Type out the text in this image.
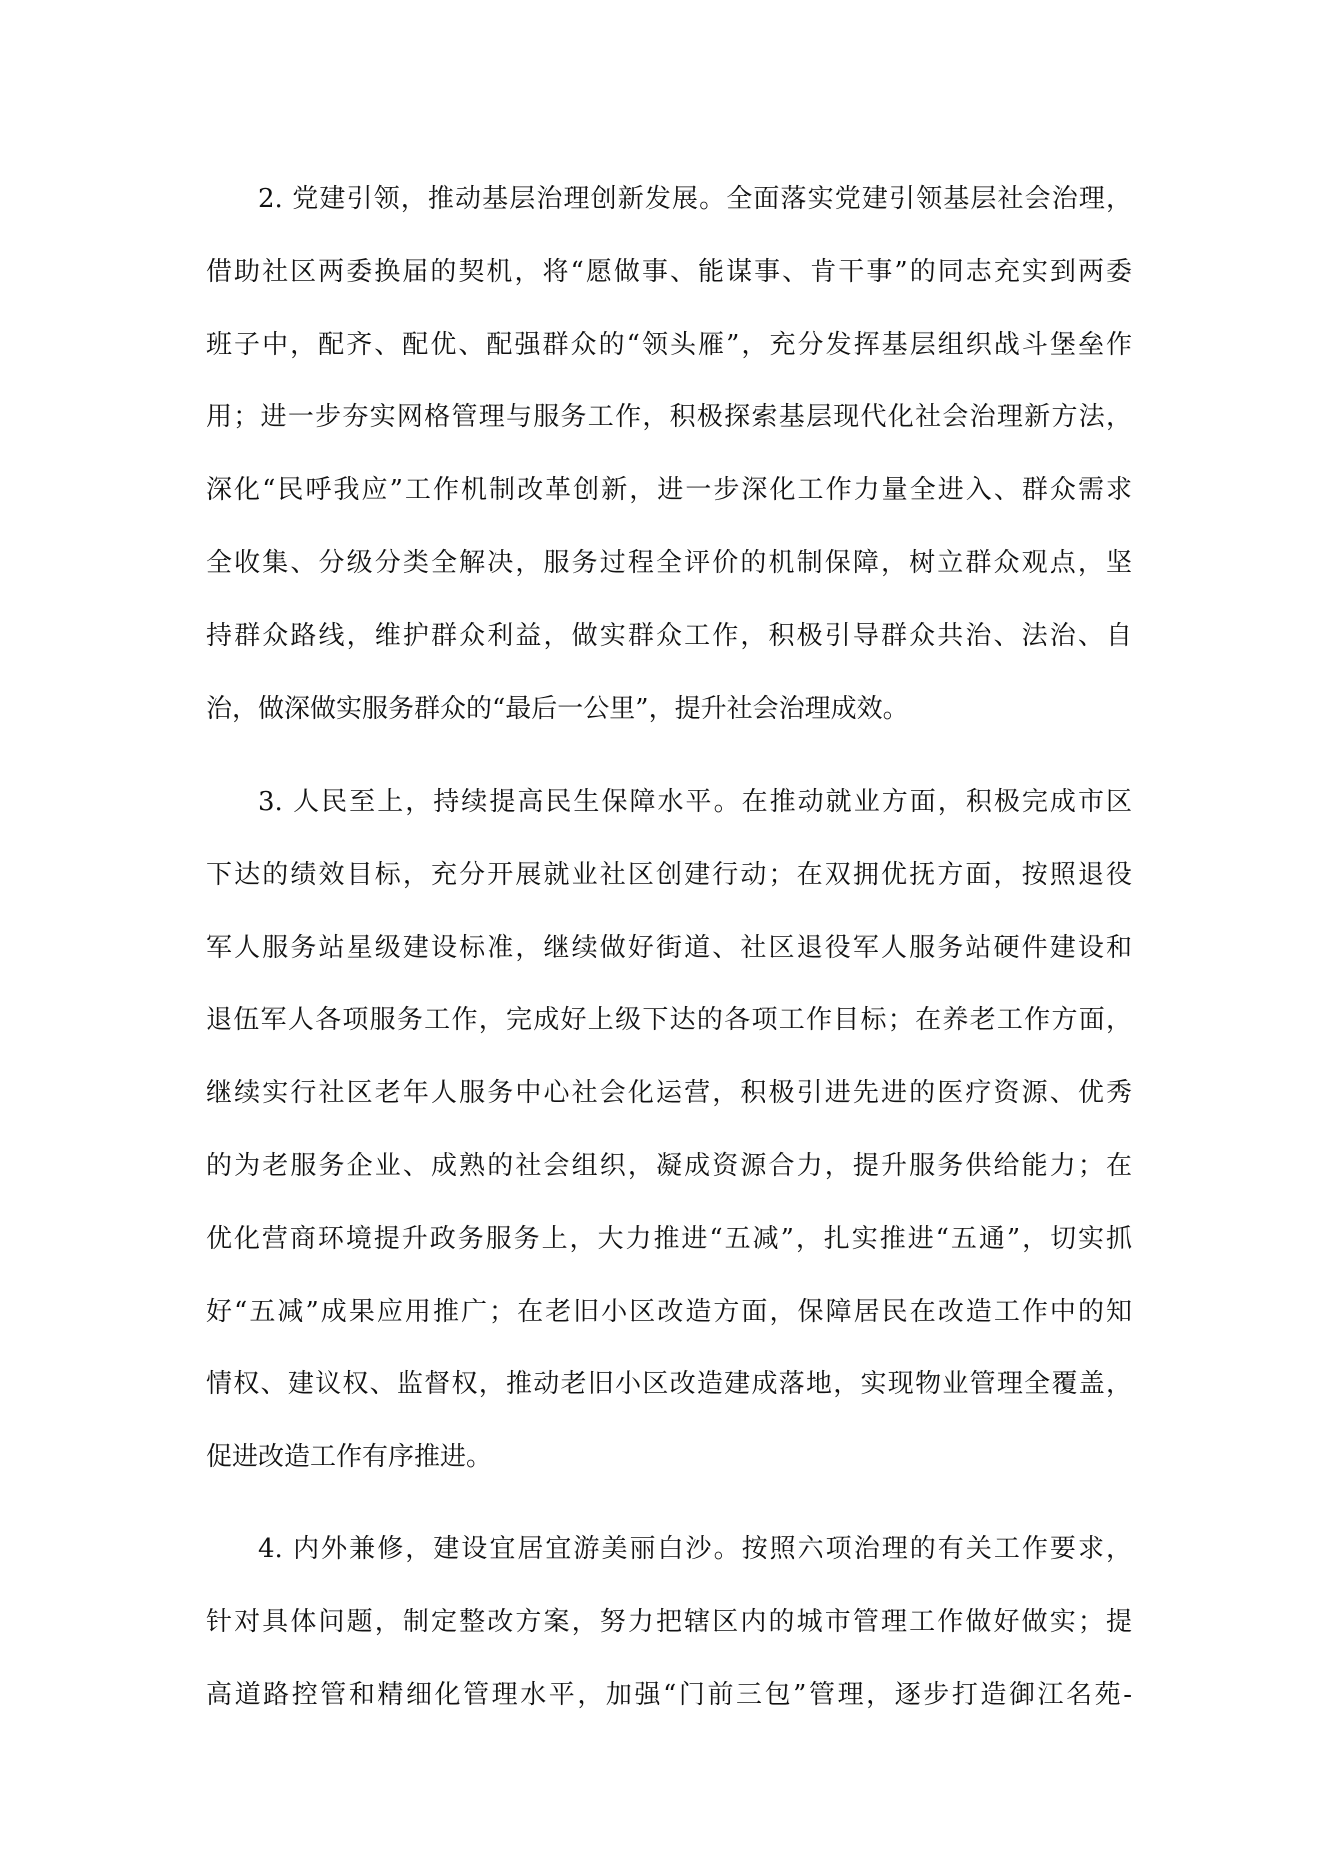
2. 党建引领，推动基层治理创新发展。全面落实党建引领基层社会治理，
借助社区两委换届的契机，将“愿做事、能谋事、肯干事”的同志充实到两委
班子中，配齐、配优、配强群众的“领头雁”，充分发挥基层组织战斗堡垒作
用；进一步夯实网格管理与服务工作，积极探索基层现代化社会治理新方法，
深化“民呼我应”工作机制改革创新，进一步深化工作力量全进入、群众需求
全收集、分级分类全解决，服务过程全评价的机制保障，树立群众观点，坚
持群众路线，维护群众利益，做实群众工作，积极引导群众共治、法治、自
治，做深做实服务群众的“最后一公里”，提升社会治理成效。
3. 人民至上，持续提高民生保障水平。在推动就业方面，积极完成市区
下达的绩效目标，充分开展就业社区创建行动；在双拥优抚方面，按照退役
军人服务站星级建设标准，继续做好街道、社区退役军人服务站硬件建设和
退伍军人各项服务工作，完成好上级下达的各项工作目标；在养老工作方面，
继续实行社区老年人服务中心社会化运营，积极引进先进的医疗资源、优秀
的为老服务企业、成熟的社会组织，凝成资源合力，提升服务供给能力；在
优化营商环境提升政务服务上，大力推进“五减”，扎实推进“五通”，切实抓
好“五减”成果应用推广；在老旧小区改造方面，保障居民在改造工作中的知
情权、建议权、监督权，推动老旧小区改造建成落地，实现物业管理全覆盖，
促进改造工作有序推进。
4. 内外兼修，建设宜居宜游美丽白沙。按照六项治理的有关工作要求，
针对具体问题，制定整改方案，努力把辖区内的城市管理工作做好做实；提
高道路控管和精细化管理水平，加强“门前三包”管理，逐步打造御江名苑-
